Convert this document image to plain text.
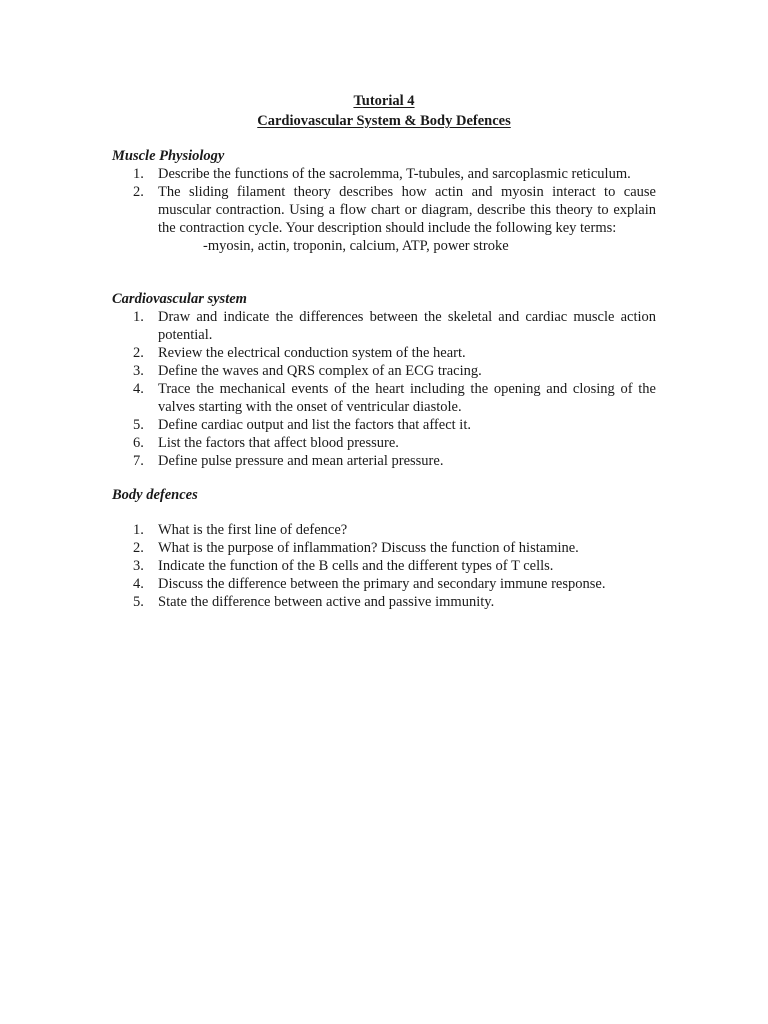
Tutorial 4
Cardiovascular System & Body Defences
Muscle Physiology
1. Describe the functions of the sacrolemma, T-tubules, and sarcoplasmic reticulum.
2. The sliding filament theory describes how actin and myosin interact to cause muscular contraction. Using a flow chart or diagram, describe this theory to explain the contraction cycle. Your description should include the following key terms:
-myosin, actin, troponin, calcium, ATP, power stroke
Cardiovascular system
1. Draw and indicate the differences between the skeletal and cardiac muscle action potential.
2. Review the electrical conduction system of the heart.
3. Define the waves and QRS complex of an ECG tracing.
4. Trace the mechanical events of the heart including the opening and closing of the valves starting with the onset of ventricular diastole.
5. Define cardiac output and list the factors that affect it.
6. List the factors that affect blood pressure.
7. Define pulse pressure and mean arterial pressure.
Body defences
1. What is the first line of defence?
2. What is the purpose of inflammation? Discuss the function of histamine.
3. Indicate the function of the B cells and the different types of T cells.
4. Discuss the difference between the primary and secondary immune response.
5. State the difference between active and passive immunity.
